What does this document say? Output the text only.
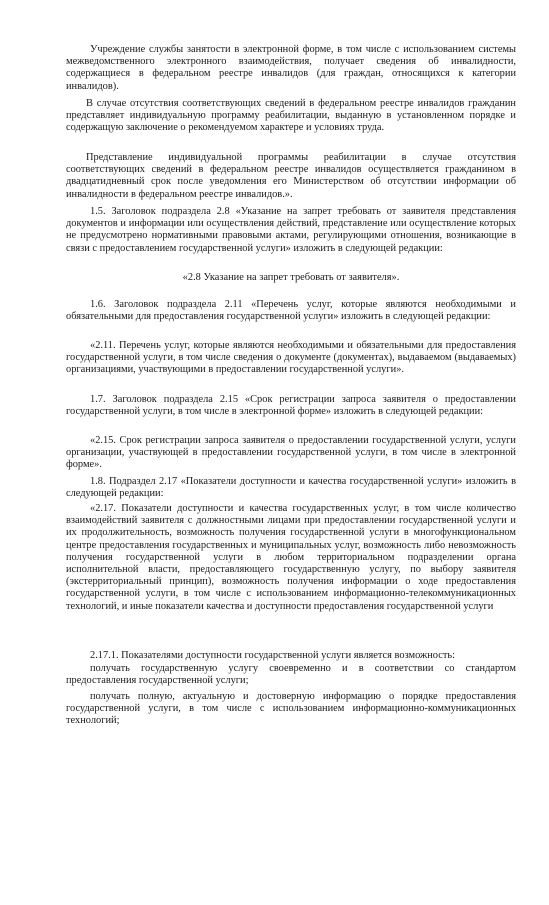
Учреждение службы занятости в электронной форме, в том числе с использованием системы межведомственного электронного взаимодействия, получает сведения об инвалидности, содержащиеся в федеральном реестре инвалидов (для граждан, относящихся к категории инвалидов).

В случае отсутствия соответствующих сведений в федеральном реестре инвалидов гражданин представляет индивидуальную программу реабилитации, выданную в установленном порядке и содержащую заключение о рекомендуемом характере и условиях труда.

Представление индивидуальной программы реабилитации в случае отсутствия соответствующих сведений в федеральном реестре инвалидов осуществляется гражданином в двадцатидневный срок после уведомления его Министерством об отсутствии информации об инвалидности в федеральном реестре инвалидов.».

1.5. Заголовок подраздела 2.8 «Указание на запрет требовать от заявителя представления документов и информации или осуществления действий, представление или осуществление которых не предусмотрено нормативными правовыми актами, регулирующими отношения, возникающие в связи с предоставлением государственной услуги» изложить в следующей редакции:

«2.8 Указание на запрет требовать от заявителя».

1.6. Заголовок подраздела 2.11 «Перечень услуг, которые являются необходимыми и обязательными для предоставления государственной услуги» изложить в следующей редакции:

«2.11. Перечень услуг, которые являются необходимыми и обязательными для предоставления государственной услуги, в том числе сведения о документе (документах), выдаваемом (выдаваемых) организациями, участвующими в предоставлении государственной услуги».

1.7. Заголовок подраздела 2.15 «Срок регистрации запроса заявителя о предоставлении государственной услуги, в том числе в электронной форме» изложить в следующей редакции:

«2.15. Срок регистрации запроса заявителя о предоставлении государственной услуги, услуги организации, участвующей в предоставлении государственной услуги, в том числе в электронной форме».

1.8. Подраздел 2.17 «Показатели доступности и качества государственной услуги» изложить в следующей редакции:

«2.17. Показатели доступности и качества государственных услуг, в том числе количество взаимодействий заявителя с должностными лицами при предоставлении государственной услуги и их продолжительность, возможность получения государственной услуги в многофункциональном центре предоставления государственных и муниципальных услуг, возможность либо невозможность получения государственной услуги в любом территориальном подразделении органа исполнительной власти, предоставляющего государственную услугу, по выбору заявителя (экстерриториальный принцип), возможность получения информации о ходе предоставления государственной услуги, в том числе с использованием информационно-телекоммуникационных технологий, и иные показатели качества и доступности предоставления государственной услуги

2.17.1. Показателями доступности государственной услуги является возможность:

получать государственную услугу своевременно и в соответствии со стандартом предоставления государственной услуги;

получать полную, актуальную и достоверную информацию о порядке предоставления государственной услуги, в том числе с использованием информационно-коммуникационных технологий;
